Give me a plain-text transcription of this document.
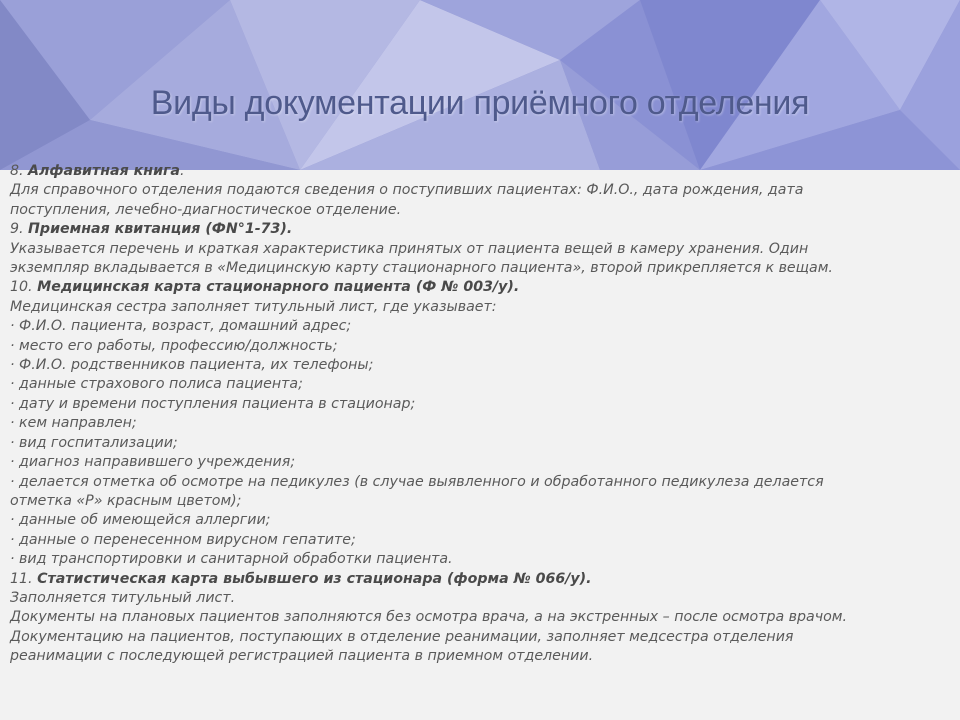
Виды документации приёмного отделения

8. Алфавитная книга.

Для справочного отделения подаются сведения о поступивших пациентах: Ф.И.О., дата рождения, дата

поступления, лечебно-диагностическое отделение.

9. Приемная квитанция (ФN°1-73).

Указывается перечень и краткая характеристика принятых от пациента вещей в камеру хранения. Один

экземпляр вкладывается в «Медицинскую карту стационарного пациента», второй прикрепляется к вещам.

10. Медицинская карта стационарного пациента (Ф № 003/у).

Медицинская сестра заполняет титульный лист, где указывает:

· Ф.И.О. пациента, возраст, домашний адрес;

· место его работы, профессию/должность;

· Ф.И.О. родственников пациента, их телефоны;

· данные страхового полиса пациента;

· дату и времени поступления пациента в стационар;

· кем направлен;

· вид госпитализации;

· диагноз направившего учреждения;

· делается отметка об осмотре на педикулез (в случае выявленного и обработанного педикулеза делается

отметка «Р» красным цветом);

· данные об имеющейся аллергии;

· данные о перенесенном вирусном гепатите;

· вид транспортировки и санитарной обработки пациента.

11. Статистическая карта выбывшего из стационара (форма № 066/у).

Заполняется титульный лист.

Документы на плановых пациентов заполняются без осмотра врача, а на экстренных – после осмотра врачом.

Документацию на пациентов, поступающих в отделение реанимации, заполняет медсестра отделения

реанимации с последующей регистрацией пациента в приемном отделении.
